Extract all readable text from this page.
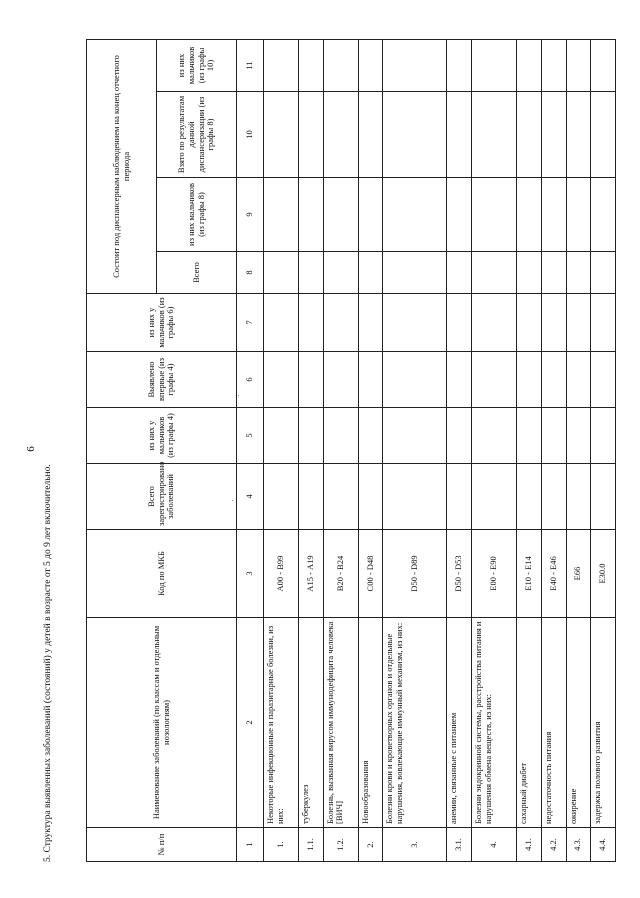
6
5. Структура выявленных заболеваний (состояний) у детей в возрасте от 5 до 9 лет включительно.	№ п/п	Наименование заболеваний (по классам и отдельным нозологиям)	Код по МКБ	Всего зарегистрировано заболеваний	из них у мальчиков (из графы 4)	Выявлено впервые (из графы 4)	из них у мальчиков (из графы 6)	Состоит под диспансерным наблюдением на конец отчетного периода			
							Всего	из них мальчиков (из графы 8)	Взято по результатам данной диспансеризации (из графы 8)	из них мальчиков (из графы 10)
1	2	3	4	5	6	7	8	9	10	11
1.	Некоторые инфекционные и паразитарные болезни, из них:	А00 - В99								
1.1.	туберкулез	А15 - А19								
1.2.	Болезнь, вызванная вирусом иммунодефицита человека [ВИЧ]	В20 - В24								
2.	Новообразования	С00 - D48								
3.	Болезни крови и кроветворных органов и отдельные нарушения, вовлекающие иммунный механизм, из них:	D50 - D89								
3.1.	анемии, связанные с питанием	D50 - D53								
4.	Болезни эндокринной системы, расстройства питания и нарушения обмена веществ, из них:	Е00 - Е90								
4.1.	сахарный диабет	Е10 - Е14								
4.2.	недостаточность питания	Е40 - Е46								
4.3.	ожирение	Е66								
4.4.	задержка полового развития	Е30.0								
